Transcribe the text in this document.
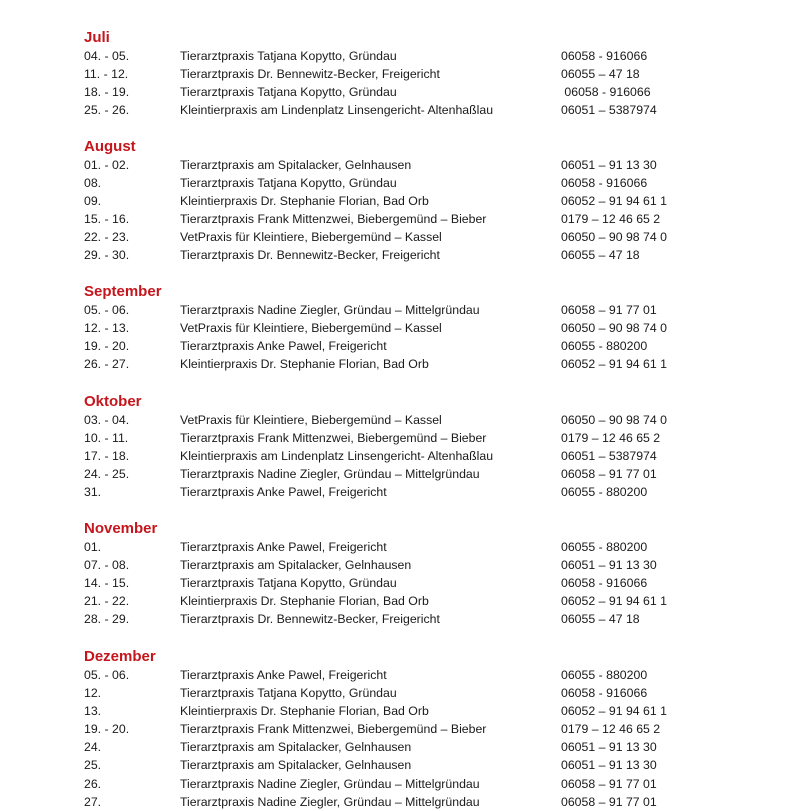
Juli
04. - 05.	Tierarztpraxis Tatjana Kopytto, Gründau	06058 - 916066
11. - 12.	Tierarztpraxis Dr. Bennewitz-Becker, Freigericht	06055 – 47 18
18. - 19.	Tierarztpraxis Tatjana Kopytto, Gründau	06058 - 916066
25. - 26.	Kleintierpraxis am Lindenplatz Linsengericht- Altenhaßlau	06051 – 5387974
August
01. - 02.	Tierarztpraxis am Spitalacker, Gelnhausen	06051 – 91 13 30
08.	Tierarztpraxis Tatjana Kopytto, Gründau	06058 - 916066
09.	Kleintierpraxis Dr. Stephanie Florian, Bad Orb	06052 – 91 94 61 1
15. - 16.	Tierarztpraxis Frank Mittenzwei, Biebergemünd – Bieber	0179 – 12 46 65 2
22. - 23.	VetPraxis für Kleintiere, Biebergemünd – Kassel	06050 – 90 98 74 0
29. - 30.	Tierarztpraxis Dr. Bennewitz-Becker, Freigericht	06055 – 47 18
September
05. - 06.	Tierarztpraxis Nadine Ziegler, Gründau – Mittelgründau	06058 – 91 77 01
12. - 13.	VetPraxis für Kleintiere, Biebergemünd – Kassel	06050 – 90 98 74 0
19. - 20.	Tierarztpraxis Anke Pawel, Freigericht	06055 - 880200
26. - 27.	Kleintierpraxis Dr. Stephanie Florian, Bad Orb	06052 – 91 94 61 1
Oktober
03. - 04.	VetPraxis für Kleintiere, Biebergemünd – Kassel	06050 – 90 98 74 0
10. - 11.	Tierarztpraxis Frank Mittenzwei, Biebergemünd – Bieber	0179 – 12 46 65 2
17. - 18.	Kleintierpraxis am Lindenplatz Linsengericht- Altenhaßlau	06051 – 5387974
24. - 25.	Tierarztpraxis Nadine Ziegler, Gründau – Mittelgründau	06058 – 91 77 01
31.	Tierarztpraxis Anke Pawel, Freigericht	06055 - 880200
November
01.	Tierarztpraxis Anke Pawel, Freigericht	06055 - 880200
07. - 08.	Tierarztpraxis am Spitalacker, Gelnhausen	06051 – 91 13 30
14. - 15.	Tierarztpraxis Tatjana Kopytto, Gründau	06058 - 916066
21. - 22.	Kleintierpraxis Dr. Stephanie Florian, Bad Orb	06052 – 91 94 61 1
28. - 29.	Tierarztpraxis Dr. Bennewitz-Becker, Freigericht	06055 – 47 18
Dezember
05. - 06.	Tierarztpraxis Anke Pawel, Freigericht	06055 - 880200
12.	Tierarztpraxis Tatjana Kopytto, Gründau	06058 - 916066
13.	Kleintierpraxis Dr. Stephanie Florian, Bad Orb	06052 – 91 94 61 1
19. - 20.	Tierarztpraxis Frank Mittenzwei, Biebergemünd – Bieber	0179 – 12 46 65 2
24.	Tierarztpraxis am Spitalacker, Gelnhausen	06051 – 91 13 30
25.	Tierarztpraxis am Spitalacker, Gelnhausen	06051 – 91 13 30
26.	Tierarztpraxis Nadine Ziegler, Gründau – Mittelgründau	06058 – 91 77 01
27.	Tierarztpraxis Nadine Ziegler, Gründau – Mittelgründau	06058 – 91 77 01
